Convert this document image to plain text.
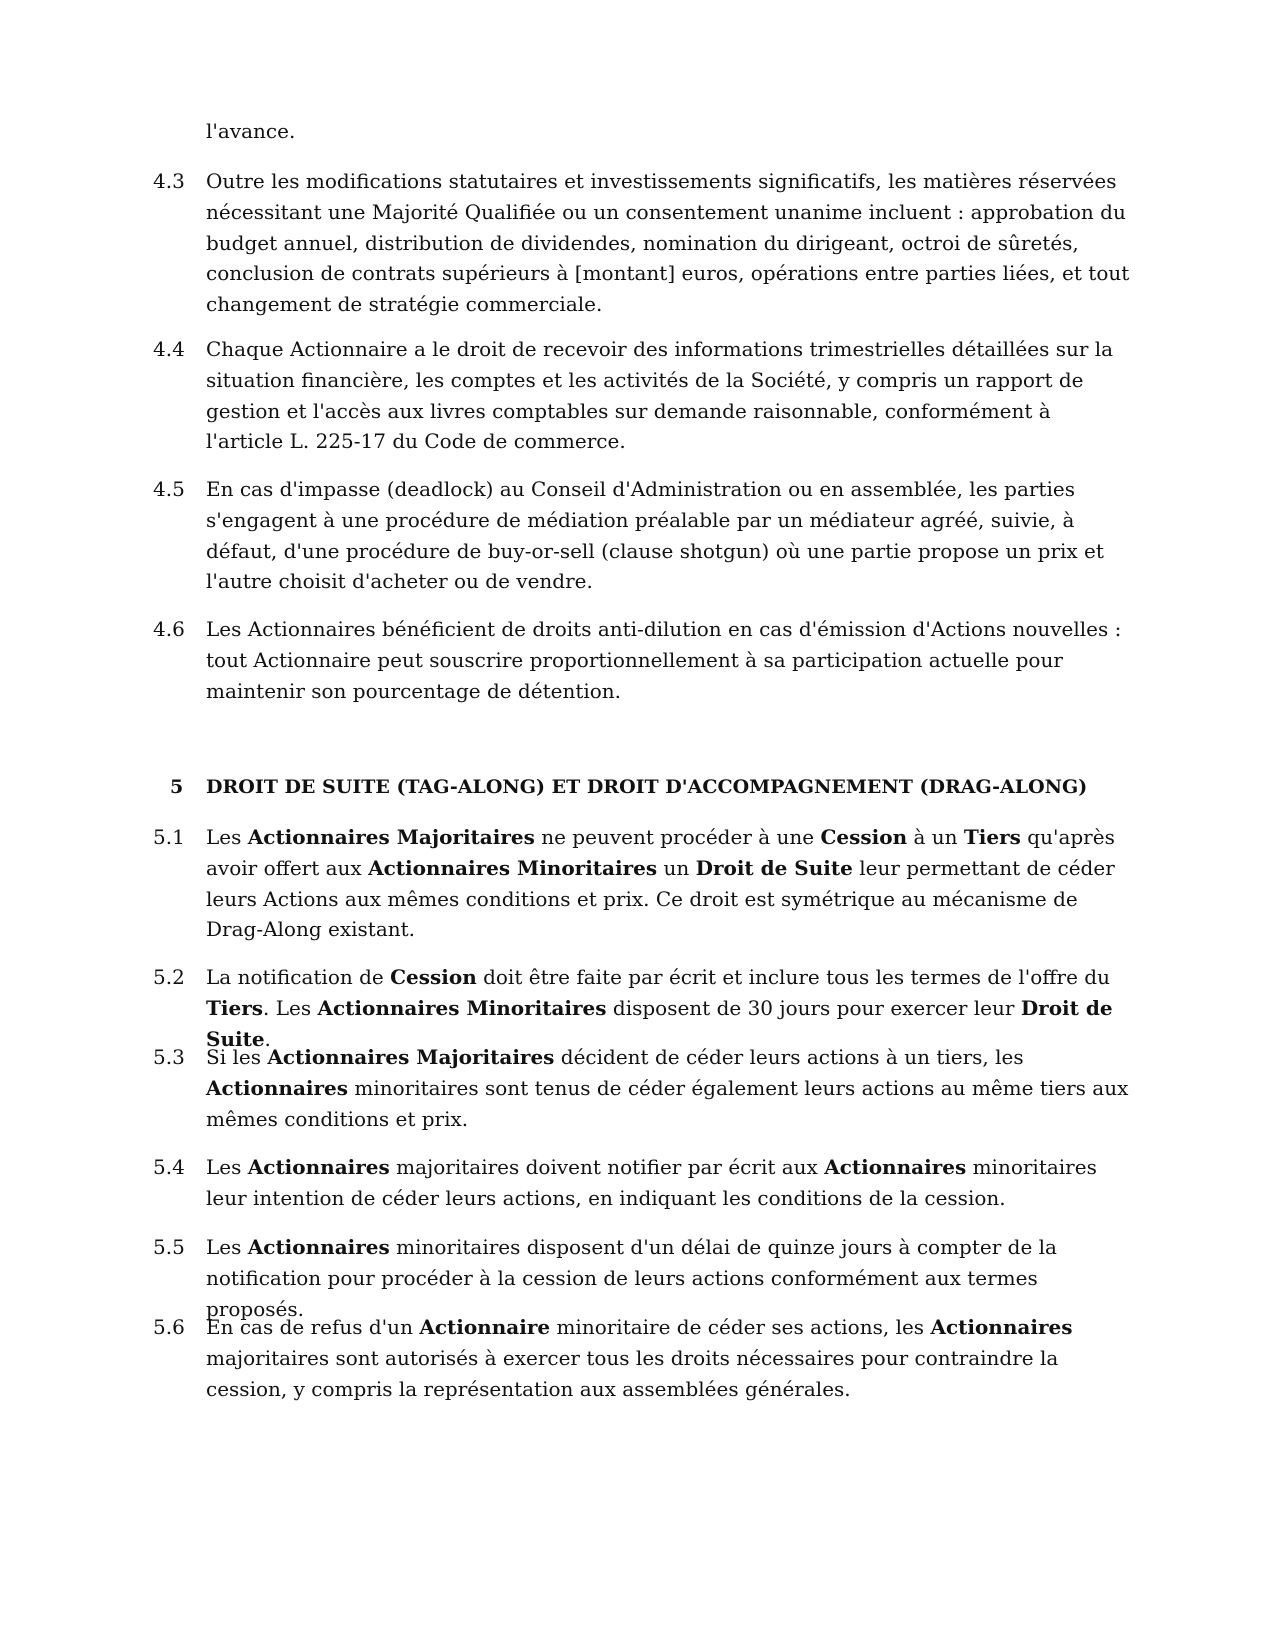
l'avance.
4.3	Outre les modifications statutaires et investissements significatifs, les matières réservées nécessitant une Majorité Qualifiée ou un consentement unanime incluent : approbation du budget annuel, distribution de dividendes, nomination du dirigeant, octroi de sûretés, conclusion de contrats supérieurs à [montant] euros, opérations entre parties liées, et tout changement de stratégie commerciale.
4.4	Chaque Actionnaire a le droit de recevoir des informations trimestrielles détaillées sur la situation financière, les comptes et les activités de la Société, y compris un rapport de gestion et l'accès aux livres comptables sur demande raisonnable, conformément à l'article L. 225-17 du Code de commerce.
4.5	En cas d'impasse (deadlock) au Conseil d'Administration ou en assemblée, les parties s'engagent à une procédure de médiation préalable par un médiateur agréé, suivie, à défaut, d'une procédure de buy-or-sell (clause shotgun) où une partie propose un prix et l'autre choisit d'acheter ou de vendre.
4.6	Les Actionnaires bénéficient de droits anti-dilution en cas d'émission d'Actions nouvelles : tout Actionnaire peut souscrire proportionnellement à sa participation actuelle pour maintenir son pourcentage de détention.
5 DROIT DE SUITE (TAG-ALONG) ET DROIT D'ACCOMPAGNEMENT (DRAG-ALONG)
5.1	Les Actionnaires Majoritaires ne peuvent procéder à une Cession à un Tiers qu'après avoir offert aux Actionnaires Minoritaires un Droit de Suite leur permettant de céder leurs Actions aux mêmes conditions et prix. Ce droit est symétrique au mécanisme de Drag-Along existant.
5.2	La notification de Cession doit être faite par écrit et inclure tous les termes de l'offre du Tiers. Les Actionnaires Minoritaires disposent de 30 jours pour exercer leur Droit de Suite.
5.3	Si les Actionnaires Majoritaires décident de céder leurs actions à un tiers, les Actionnaires minoritaires sont tenus de céder également leurs actions au même tiers aux mêmes conditions et prix.
5.4	Les Actionnaires majoritaires doivent notifier par écrit aux Actionnaires minoritaires leur intention de céder leurs actions, en indiquant les conditions de la cession.
5.5	Les Actionnaires minoritaires disposent d'un délai de quinze jours à compter de la notification pour procéder à la cession de leurs actions conformément aux termes proposés.
5.6	En cas de refus d'un Actionnaire minoritaire de céder ses actions, les Actionnaires majoritaires sont autorisés à exercer tous les droits nécessaires pour contraindre la cession, y compris la représentation aux assemblées générales.
